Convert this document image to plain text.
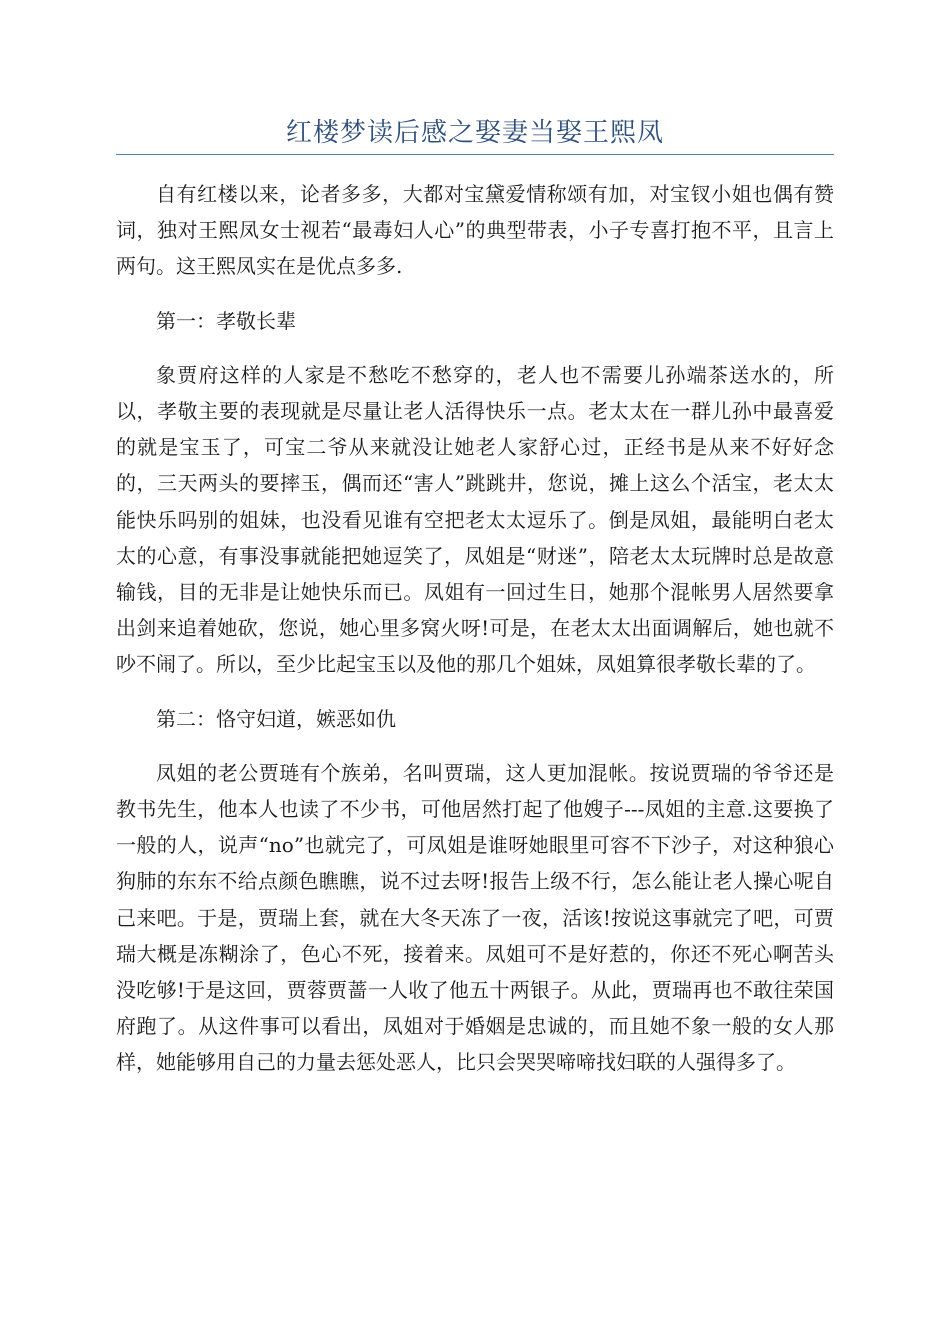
红楼梦读后感之娶妻当娶王熙凤

自有红楼以来，论者多多，大都对宝黛爱情称颂有加，对宝钗小姐也偶有赞词，独对王熙凤女士视若“最毒妇人心”的典型带表，小子专喜打抱不平，且言上两句。这王熙凤实在是优点多多.

第一：孝敬长辈

象贾府这样的人家是不愁吃不愁穿的，老人也不需要儿孙端茶送水的，所以，孝敬主要的表现就是尽量让老人活得快乐一点。老太太在一群儿孙中最喜爱的就是宝玉了，可宝二爷从来就没让她老人家舒心过，正经书是从来不好好念的，三天两头的要摔玉，偶而还“害人”跳跳井，您说，摊上这么个活宝，老太太能快乐吗别的姐妹，也没看见谁有空把老太太逗乐了。倒是凤姐，最能明白老太太的心意，有事没事就能把她逗笑了，凤姐是“财迷”，陪老太太玩牌时总是故意输钱，目的无非是让她快乐而已。凤姐有一回过生日，她那个混帐男人居然要拿出剑来追着她砍，您说，她心里多窝火呀!可是，在老太太出面调解后，她也就不吵不闹了。所以，至少比起宝玉以及他的那几个姐妹，凤姐算很孝敬长辈的了。

第二：恪守妇道，嫉恶如仇

凤姐的老公贾琏有个族弟，名叫贾瑞，这人更加混帐。按说贾瑞的爷爷还是教书先生，他本人也读了不少书，可他居然打起了他嫂子---凤姐的主意.这要换了一般的人，说声“no”也就完了，可凤姐是谁呀她眼里可容不下沙子，对这种狼心狗肺的东东不给点颜色瞧瞧，说不过去呀!报告上级不行，怎么能让老人操心呢自己来吧。于是，贾瑞上套，就在大冬天冻了一夜，活该!按说这事就完了吧，可贾瑞大概是冻糊涂了，色心不死，接着来。凤姐可不是好惹的，你还不死心啊苦头没吃够!于是这回，贾蓉贾蔷一人收了他五十两银子。从此，贾瑞再也不敢往荣国府跑了。从这件事可以看出，凤姐对于婚姻是忠诚的，而且她不象一般的女人那样，她能够用自己的力量去惩处恶人，比只会哭哭啼啼找妇联的人强得多了。
